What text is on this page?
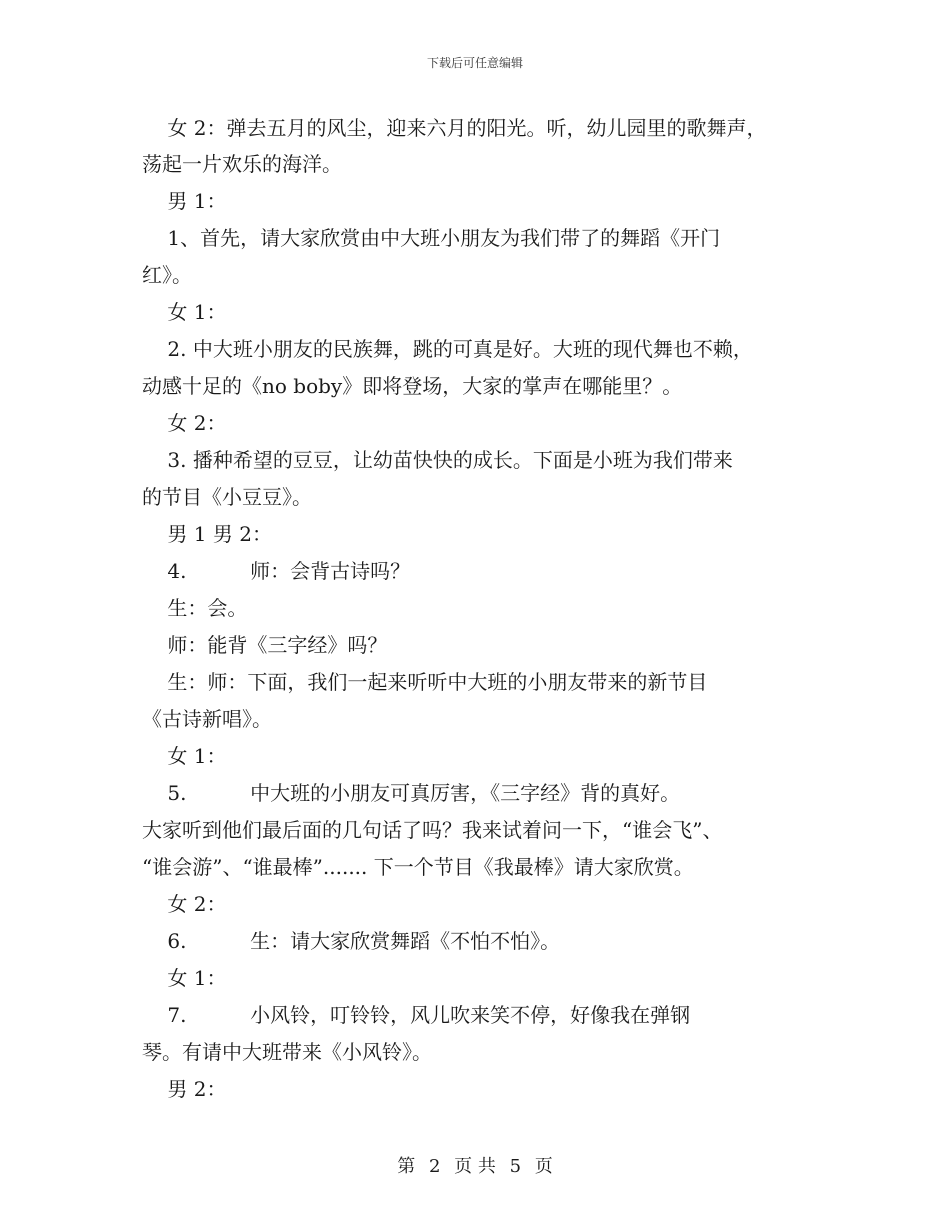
下载后可任意编辑

女 2：弹去五月的风尘，迎来六月的阳光。听，幼儿园里的歌舞声，

荡起一片欢乐的海洋。

男 1：

1、首先，请大家欣赏由中大班小朋友为我们带了的舞蹈《开门

红》。

女 1：

2. 中大班小朋友的民族舞，跳的可真是好。大班的现代舞也不赖，

动感十足的《no boby》即将登场，大家的掌声在哪能里？。

女 2：

3. 播种希望的豆豆，让幼苗快快的成长。下面是小班为我们带来

的节目《小豆豆》。

男 1 男 2：

4.          师：会背古诗吗？

生：会。

师：能背《三字经》吗？

生：师：下面，我们一起来听听中大班的小朋友带来的新节目

《古诗新唱》。

女 1：

5.          中大班的小朋友可真厉害，《三字经》背的真好。

大家听到他们最后面的几句话了吗？我来试着问一下，“谁会飞”、

“谁会游”、“谁最棒”....... 下一个节目《我最棒》请大家欣赏。

女 2：

6.          生：请大家欣赏舞蹈《不怕不怕》。

女 1：

7.          小风铃，叮铃铃，风儿吹来笑不停，好像我在弹钢

琴。有请中大班带来《小风铃》。

男 2：

第 2 页 共 5 页
